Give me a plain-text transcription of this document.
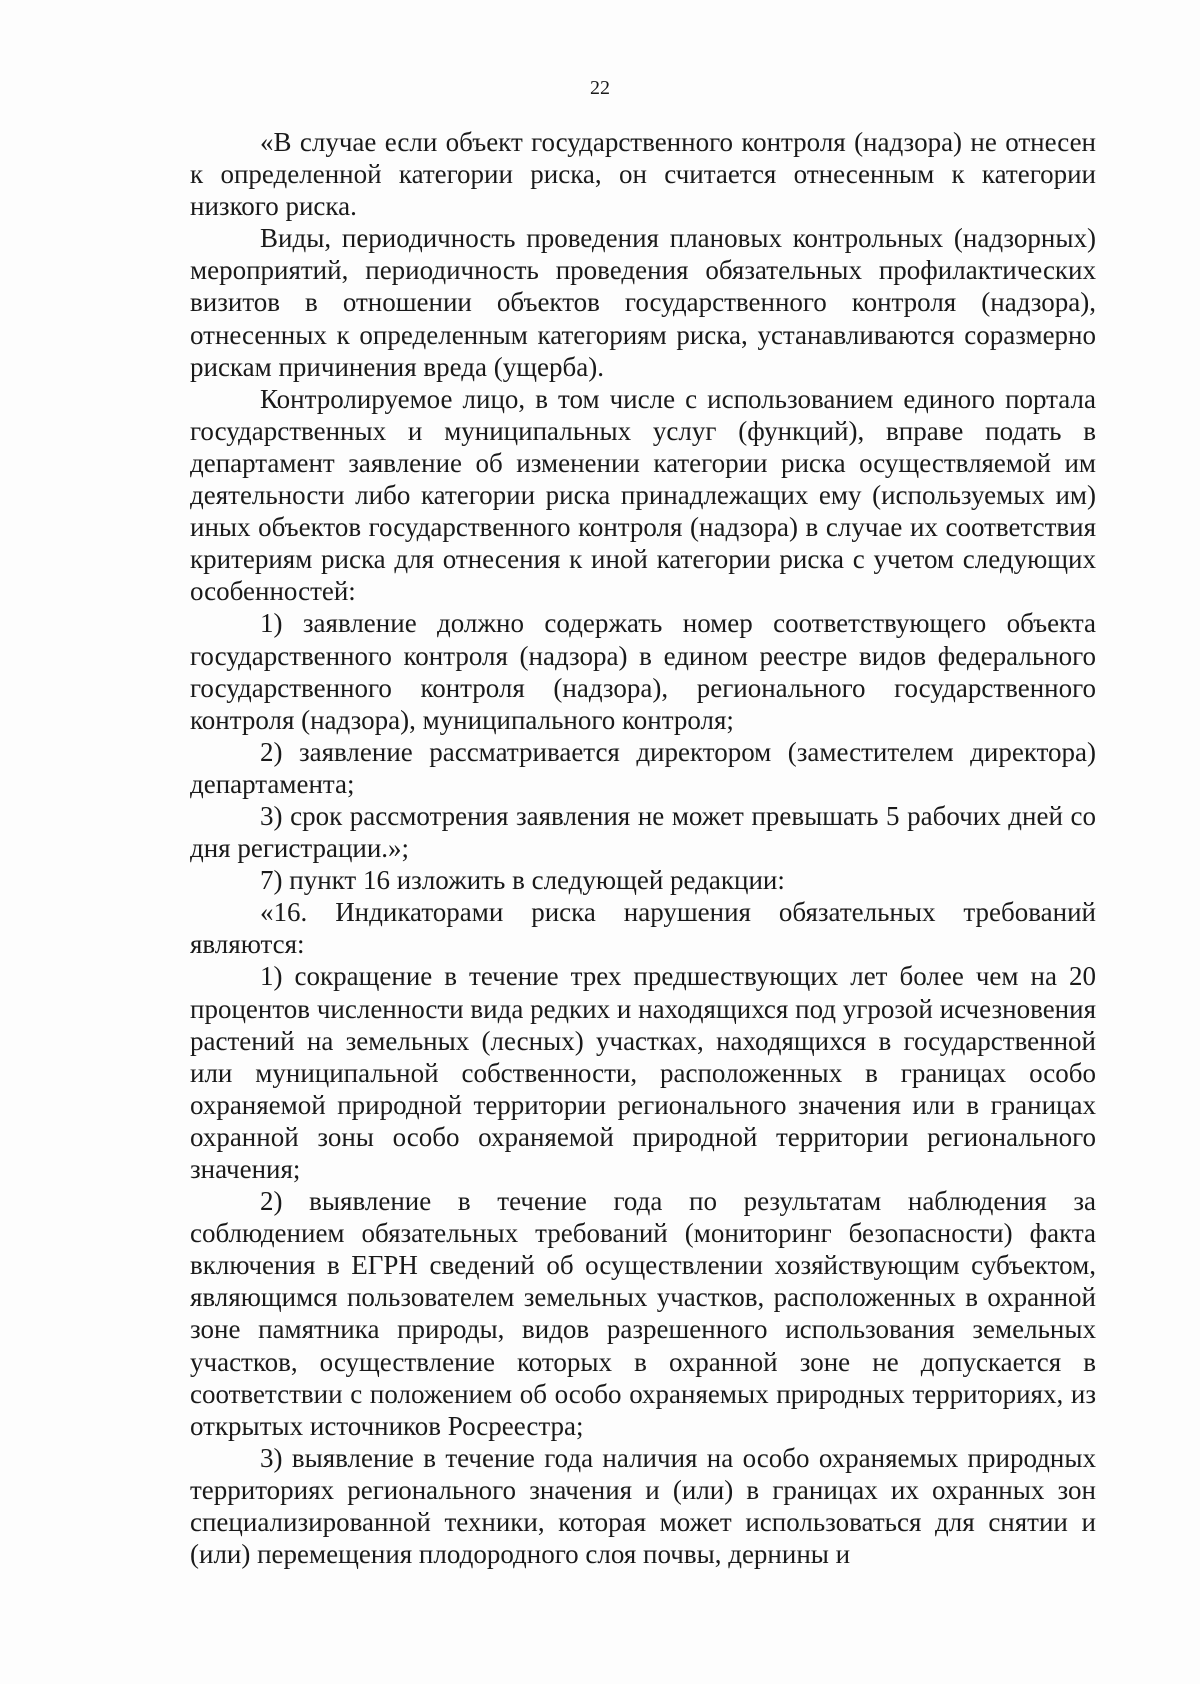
22

«В случае если объект государственного контроля (надзора) не отнесен к определенной категории риска, он считается отнесенным к категории низкого риска.

Виды, периодичность проведения плановых контрольных (надзорных) мероприятий, периодичность проведения обязательных профилактических визитов в отношении объектов государственного контроля (надзора), отнесенных к определенным категориям риска, устанавливаются соразмерно рискам причинения вреда (ущерба).

Контролируемое лицо, в том числе с использованием единого портала государственных и муниципальных услуг (функций), вправе подать в департамент заявление об изменении категории риска осуществляемой им деятельности либо категории риска принадлежащих ему (используемых им) иных объектов государственного контроля (надзора) в случае их соответствия критериям риска для отнесения к иной категории риска с учетом следующих особенностей:

1) заявление должно содержать номер соответствующего объекта государственного контроля (надзора) в едином реестре видов федерального государственного контроля (надзора), регионального государственного контроля (надзора), муниципального контроля;

2) заявление рассматривается директором (заместителем директора) департамента;

3) срок рассмотрения заявления не может превышать 5 рабочих дней со дня регистрации.»;

7) пункт 16 изложить в следующей редакции:

«16. Индикаторами риска нарушения обязательных требований являются:

1) сокращение в течение трех предшествующих лет более чем на 20 процентов численности вида редких и находящихся под угрозой исчезновения растений на земельных (лесных) участках, находящихся в государственной или муниципальной собственности, расположенных в границах особо охраняемой природной территории регионального значения или в границах охранной зоны особо охраняемой природной территории регионального значения;

2) выявление в течение года по результатам наблюдения за соблюдением обязательных требований (мониторинг безопасности) факта включения в ЕГРН сведений об осуществлении хозяйствующим субъектом, являющимся пользователем земельных участков, расположенных в охранной зоне памятника природы, видов разрешенного использования земельных участков, осуществление которых в охранной зоне не допускается в соответствии с положением об особо охраняемых природных территориях, из открытых источников Росреестра;

3) выявление в течение года наличия на особо охраняемых природных территориях регионального значения и (или) в границах их охранных зон специализированной техники, которая может использоваться для снятии и (или) перемещения плодородного слоя почвы, дернины и
